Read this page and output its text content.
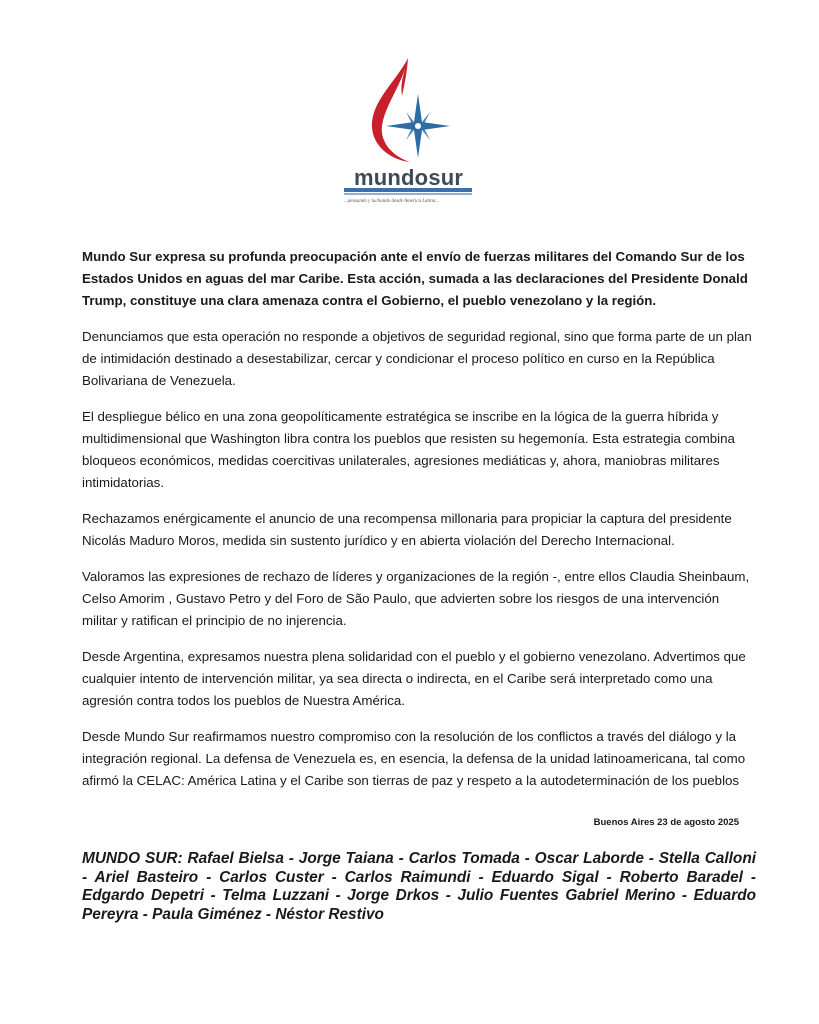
mundosur
...pensando y luchando desde América Latina...

Mundo Sur expresa su profunda preocupación ante el envío de fuerzas militares del Comando Sur de los Estados Unidos en aguas del mar Caribe. Esta acción, sumada a las declaraciones del Presidente Donald Trump, constituye una clara amenaza contra el Gobierno, el pueblo venezolano y la región.

Denunciamos que esta operación no responde a objetivos de seguridad regional, sino que forma parte de un plan de intimidación destinado a desestabilizar, cercar y condicionar el proceso político en curso en la República Bolivariana de Venezuela.

El despliegue bélico en una zona geopolíticamente estratégica se inscribe en la lógica de la guerra híbrida y multidimensional que Washington libra contra los pueblos que resisten su hegemonía. Esta estrategia combina bloqueos económicos, medidas coercitivas unilaterales, agresiones mediáticas y, ahora, maniobras militares intimidatorias.

Rechazamos enérgicamente el anuncio de una recompensa millonaria para propiciar la captura del presidente Nicolás Maduro Moros, medida sin sustento jurídico y en abierta violación del Derecho Internacional.

Valoramos las expresiones de rechazo de líderes y organizaciones de la región -, entre ellos Claudia Sheinbaum, Celso Amorim , Gustavo Petro y del Foro de São Paulo, que advierten sobre los riesgos de una intervención militar y ratifican el principio de no injerencia.

Desde Argentina, expresamos nuestra plena solidaridad con el pueblo y el gobierno venezolano. Advertimos que cualquier intento de intervención militar, ya sea directa o indirecta, en el Caribe será interpretado como una agresión contra todos los pueblos de Nuestra América.

Desde Mundo Sur reafirmamos nuestro compromiso con la resolución de los conflictos a través del diálogo y la integración regional. La defensa de Venezuela es, en esencia, la defensa de la unidad latinoamericana, tal como afirmó la CELAC: América Latina y el Caribe son tierras de paz y respeto a la autodeterminación de los pueblos

Buenos Aires 23 de agosto 2025
MUNDO SUR: Rafael Bielsa - Jorge Taiana - Carlos Tomada - Oscar Laborde - Stella Calloni - Ariel Basteiro - Carlos Custer - Carlos Raimundi - Eduardo Sigal - Roberto Baradel - Edgardo Depetri - Telma Luzzani - Jorge Drkos - Julio Fuentes Gabriel Merino - Eduardo Pereyra - Paula Giménez - Néstor Restivo
